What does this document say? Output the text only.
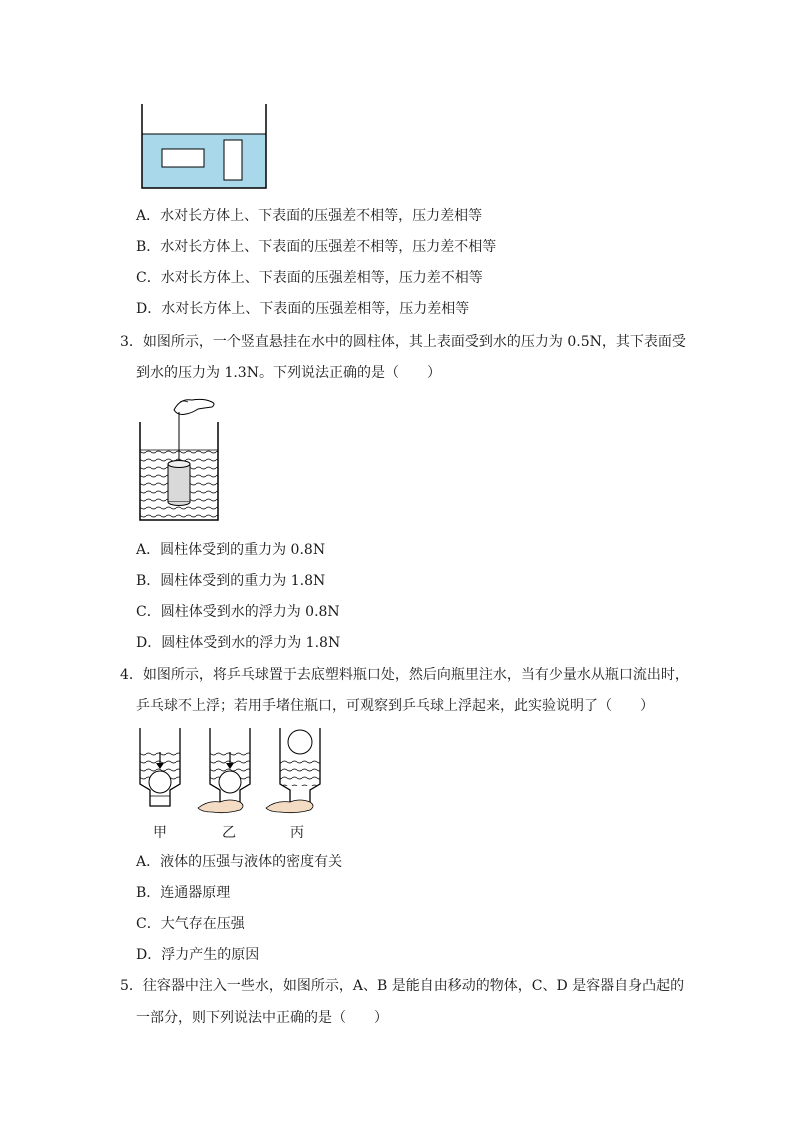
A．水对长方体上、下表面的压强差不相等，压力差相等
B．水对长方体上、下表面的压强差不相等，压力差不相等
C．水对长方体上、下表面的压强差相等，压力差不相等
D．水对长方体上、下表面的压强差相等，压力差相等
3．如图所示，一个竖直悬挂在水中的圆柱体，其上表面受到水的压力为 0.5N，其下表面受
到水的压力为 1.3N。下列说法正确的是（　　）
A．圆柱体受到的重力为 0.8N
B．圆柱体受到的重力为 1.8N
C．圆柱体受到水的浮力为 0.8N
D．圆柱体受到水的浮力为 1.8N
4．如图所示，将乒乓球置于去底塑料瓶口处，然后向瓶里注水，当有少量水从瓶口流出时，
乒乓球不上浮；若用手堵住瓶口，可观察到乒乓球上浮起来，此实验说明了（　　）
甲	乙	丙
A．液体的压强与液体的密度有关
B．连通器原理
C．大气存在压强
D．浮力产生的原因
5．往容器中注入一些水，如图所示，A、B 是能自由移动的物体，C、D 是容器自身凸起的
一部分，则下列说法中正确的是（　　）
